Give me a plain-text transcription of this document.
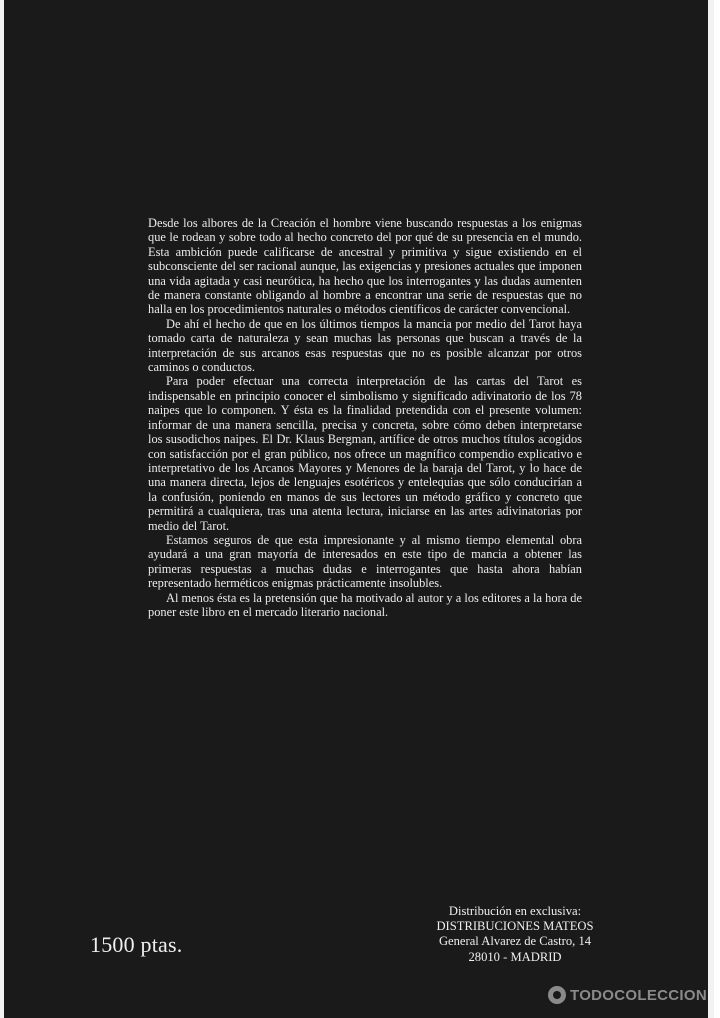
Desde los albores de la Creación el hombre viene buscando respuestas a los enigmas que le rodean y sobre todo al hecho concreto del por qué de su presencia en el mundo. Esta ambición puede calificarse de ancestral y primitiva y sigue existiendo en el subconsciente del ser racional aunque, las exigencias y presiones actuales que imponen una vida agitada y casi neurótica, ha hecho que los interrogantes y las dudas aumenten de manera constante obligando al hombre a encontrar una serie de respuestas que no halla en los procedimientos naturales o métodos científicos de carácter convencional.

De ahí el hecho de que en los últimos tiempos la mancia por medio del Tarot haya tomado carta de naturaleza y sean muchas las personas que buscan a través de la interpretación de sus arcanos esas respuestas que no es posible alcanzar por otros caminos o conductos.

Para poder efectuar una correcta interpretación de las cartas del Tarot es indispensable en principio conocer el simbolismo y significado adivinatorio de los 78 naipes que lo componen. Y ésta es la finalidad pretendida con el presente volumen: informar de una manera sencilla, precisa y concreta, sobre cómo deben interpretarse los susodichos naipes. El Dr. Klaus Bergman, artífice de otros muchos títulos acogidos con satisfacción por el gran público, nos ofrece un magnífico compendio explicativo e interpretativo de los Arcanos Mayores y Menores de la baraja del Tarot, y lo hace de una manera directa, lejos de lenguajes esotéricos y entelequias que sólo conducirían a la confusión, poniendo en manos de sus lectores un método gráfico y concreto que permitirá a cualquiera, tras una atenta lectura, iniciarse en las artes adivinatorias por medio del Tarot.

Estamos seguros de que esta impresionante y al mismo tiempo elemental obra ayudará a una gran mayoría de interesados en este tipo de mancia a obtener las primeras respuestas a muchas dudas e interrogantes que hasta ahora habían representado herméticos enigmas prácticamente insolubles.

Al menos ésta es la pretensión que ha motivado al autor y a los editores a la hora de poner este libro en el mercado literario nacional.

1500 ptas.
Distribución en exclusiva:
DISTRIBUCIONES MATEOS
General Alvarez de Castro, 14
28010 - MADRID
TODOCOLECCION
